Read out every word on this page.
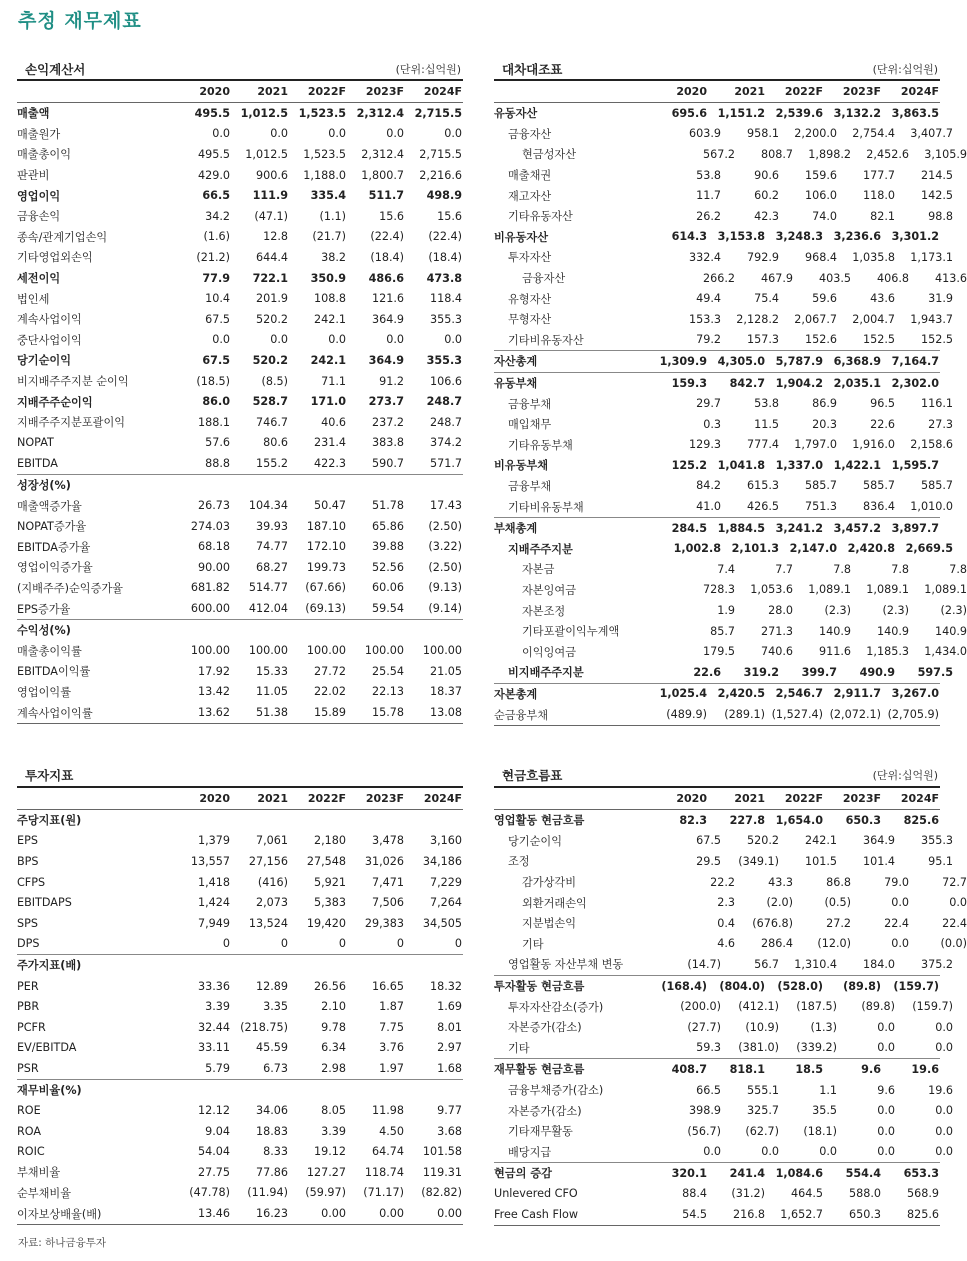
추정 재무제표
손익계산서	(단위:십억원)
2020	2021	2022F	2023F	2024F
매출액	495.5 1,012.5 1,523.5 2,312.4 2,715.5
매출원가	0.0	0.0	0.0	0.0	0.0
매출총이익	495.5	1,012.5	1,523.5	2,312.4	2,715.5
판관비	429.0	900.6	1,188.0	1,800.7	2,216.6
영업이익	66.5	111.9	335.4	511.7	498.9
금융손익	34.2	(47.1)	(1.1)	15.6	15.6
종속/관계기업손익	(1.6)	12.8	(21.7)	(22.4)	(22.4)
기타영업외손익	(21.2)	644.4	38.2	(18.4)	(18.4)
세전이익	77.9	722.1	350.9	486.6	473.8
법인세	10.4	201.9	108.8	121.6	118.4
계속사업이익	67.5	520.2	242.1	364.9	355.3
중단사업이익	0.0	0.0	0.0	0.0	0.0
당기순이익	67.5	520.2	242.1	364.9	355.3
비지배주주지분 순이익	(18.5)	(8.5)	71.1	91.2	106.6
지배주주순이익	86.0	528.7	171.0	273.7	248.7
지배주주지분포괄이익	188.1	746.7	40.6	237.2	248.7
NOPAT	57.6	80.6	231.4	383.8	374.2
EBITDA	88.8	155.2	422.3	590.7	571.7
성장성(%)
매출액증가율	26.73	104.34	50.47	51.78	17.43
NOPAT증가율	274.03	39.93	187.10	65.86	(2.50)
EBITDA증가율	68.18	74.77	172.10	39.88	(3.22)
영업이익증가율	90.00	68.27	199.73	52.56	(2.50)
(지배주주)순익증가율	681.82	514.77	(67.66)	60.06	(9.13)
EPS증가율	600.00	412.04	(69.13)	59.54	(9.14)
수익성(%)
매출총이익률	100.00	100.00	100.00	100.00	100.00
EBITDA이익률	17.92	15.33	27.72	25.54	21.05
영업이익률	13.42	11.05	22.02	22.13	18.37
계속사업이익률	13.62	51.38	15.89	15.78	13.08
대차대조표	(단위:십억원)
2020	2021	2022F	2023F	2024F
유동자산	695.6 1,151.2 2,539.6 3,132.2 3,863.5
금융자산	603.9	958.1	2,200.0	2,754.4	3,407.7
현금성자산	567.2	808.7	1,898.2	2,452.6	3,105.9
매출채권	53.8	90.6	159.6	177.7	214.5
재고자산	11.7	60.2	106.0	118.0	142.5
기타유동자산	26.2	42.3	74.0	82.1	98.8
비유동자산	614.3 3,153.8 3,248.3 3,236.6 3,301.2
투자자산	332.4	792.9	968.4	1,035.8	1,173.1
금융자산	266.2	467.9	403.5	406.8	413.6
유형자산	49.4	75.4	59.6	43.6	31.9
무형자산	153.3	2,128.2	2,067.7	2,004.7	1,943.7
기타비유동자산	79.2	157.3	152.6	152.5	152.5
자산총계	1,309.9 4,305.0 5,787.9 6,368.9 7,164.7
유동부채	159.3	842.7 1,904.2 2,035.1 2,302.0
금융부채	29.7	53.8	86.9	96.5	116.1
매입채무	0.3	11.5	20.3	22.6	27.3
기타유동부채	129.3	777.4	1,797.0	1,916.0	2,158.6
비유동부채	125.2 1,041.8 1,337.0 1,422.1 1,595.7
금융부채	84.2	615.3	585.7	585.7	585.7
기타비유동부채	41.0	426.5	751.3	836.4	1,010.0
부채총계	284.5 1,884.5 3,241.2 3,457.2 3,897.7
지배주주지분	1,002.8 2,101.3 2,147.0 2,420.8 2,669.5
자본금	7.4	7.7	7.8	7.8	7.8
자본잉여금	728.3	1,053.6	1,089.1	1,089.1	1,089.1
자본조정	1.9	28.0	(2.3)	(2.3)	(2.3)
기타포괄이익누계액	85.7	271.3	140.9	140.9	140.9
이익잉여금	179.5	740.6	911.6	1,185.3	1,434.0
비지배주주지분	22.6	319.2	399.7	490.9	597.5
자본총계	1,025.4 2,420.5 2,546.7 2,911.7 3,267.0
순금융부채	(489.9)	(289.1) (1,527.4) (2,072.1) (2,705.9)
투자지표
2020	2021	2022F	2023F	2024F
주당지표(원)
EPS	1,379	7,061	2,180	3,478	3,160
BPS	13,557	27,156	27,548	31,026	34,186
CFPS	1,418	(416)	5,921	7,471	7,229
EBITDAPS	1,424	2,073	5,383	7,506	7,264
SPS	7,949	13,524	19,420	29,383	34,505
DPS	0	0	0	0	0
주가지표(배)
PER	33.36	12.89	26.56	16.65	18.32
PBR	3.39	3.35	2.10	1.87	1.69
PCFR	32.44 (218.75)	9.78	7.75	8.01
EV/EBITDA	33.11	45.59	6.34	3.76	2.97
PSR	5.79	6.73	2.98	1.97	1.68
재무비율(%)
ROE	12.12	34.06	8.05	11.98	9.77
ROA	9.04	18.83	3.39	4.50	3.68
ROIC	54.04	8.33	19.12	64.74	101.58
부채비율	27.75	77.86	127.27	118.74	119.31
순부채비율	(47.78)	(11.94)	(59.97)	(71.17)	(82.82)
이자보상배율(배)	13.46	16.23	0.00	0.00	0.00
현금흐름표	(단위:십억원)
2020	2021	2022F	2023F	2024F
영업활동 현금흐름	82.3	227.8 1,654.0	650.3	825.6
당기순이익	67.5	520.2	242.1	364.9	355.3
조정	29.5	(349.1)	101.5	101.4	95.1
감가상각비	22.2	43.3	86.8	79.0	72.7
외환거래손익	2.3	(2.0)	(0.5)	0.0	0.0
지분법손익	0.4	(676.8)	27.2	22.4	22.4
기타	4.6	286.4	(12.0)	0.0	(0.0)
영업활동 자산부채 변동	(14.7)	56.7	1,310.4	184.0	375.2
투자활동 현금흐름	(168.4)	(804.0)	(528.0)	(89.8)	(159.7)
투자자산감소(증가)	(200.0)	(412.1)	(187.5)	(89.8)	(159.7)
자본증가(감소)	(27.7)	(10.9)	(1.3)	0.0	0.0
기타	59.3	(381.0)	(339.2)	0.0	0.0
재무활동 현금흐름	408.7	818.1	18.5	9.6	19.6
금융부채증가(감소)	66.5	555.1	1.1	9.6	19.6
자본증가(감소)	398.9	325.7	35.5	0.0	0.0
기타재무활동	(56.7)	(62.7)	(18.1)	0.0	0.0
배당지급	0.0	0.0	0.0	0.0	0.0
현금의 증감	320.1	241.4 1,084.6	554.4	653.3
Unlevered CFO	88.4	(31.2)	464.5	588.0	568.9
Free Cash Flow	54.5	216.8	1,652.7	650.3	825.6
자료: 하나금융투자
